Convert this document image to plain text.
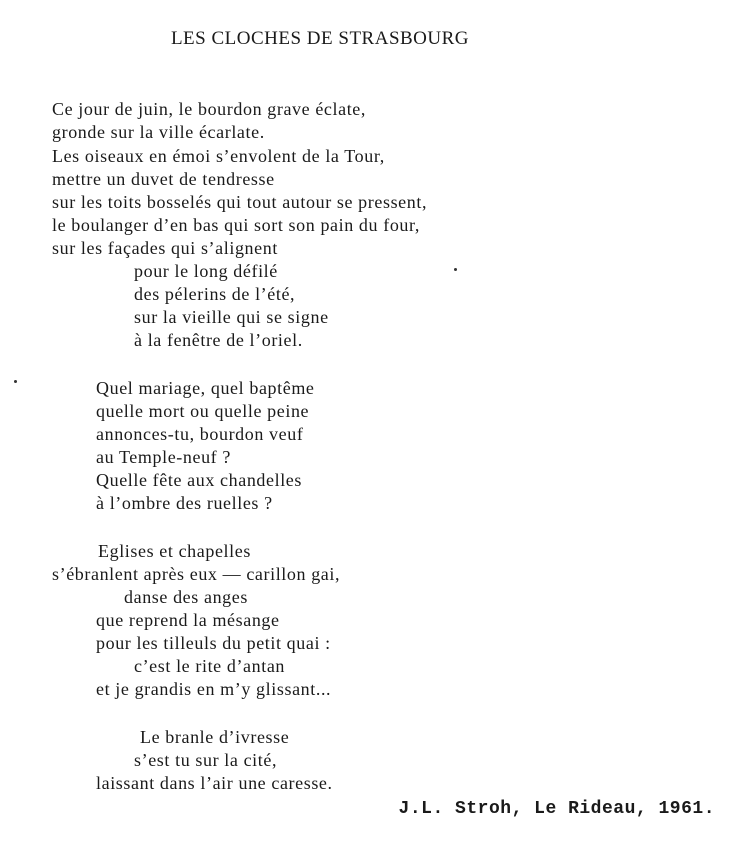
LES CLOCHES DE STRASBOURG
Ce jour de juin, le bourdon grave éclate,
gronde sur la ville écarlate.
Les oiseaux en émoi s’envolent de la Tour,
mettre un duvet de tendresse
sur les toits bosselés qui tout autour se pressent,
le boulanger d’en bas qui sort son pain du four,
sur les façades qui s’alignent
pour le long défilé
des pélerins de l’été,
sur la vieille qui se signe
à la fenêtre de l’oriel.
Quel mariage, quel baptême
quelle mort ou quelle peine
annonces-tu, bourdon veuf
au Temple-neuf ?
Quelle fête aux chandelles
à l’ombre des ruelles ?
Eglises et chapelles
s’ébranlent après eux — carillon gai,
danse des anges
que reprend la mésange
pour les tilleuls du petit quai :
c’est le rite d’antan
et je grandis en m’y glissant...
Le branle d’ivresse
s’est tu sur la cité,
laissant dans l’air une caresse.
J.L. Stroh, Le Rideau, 1961.
